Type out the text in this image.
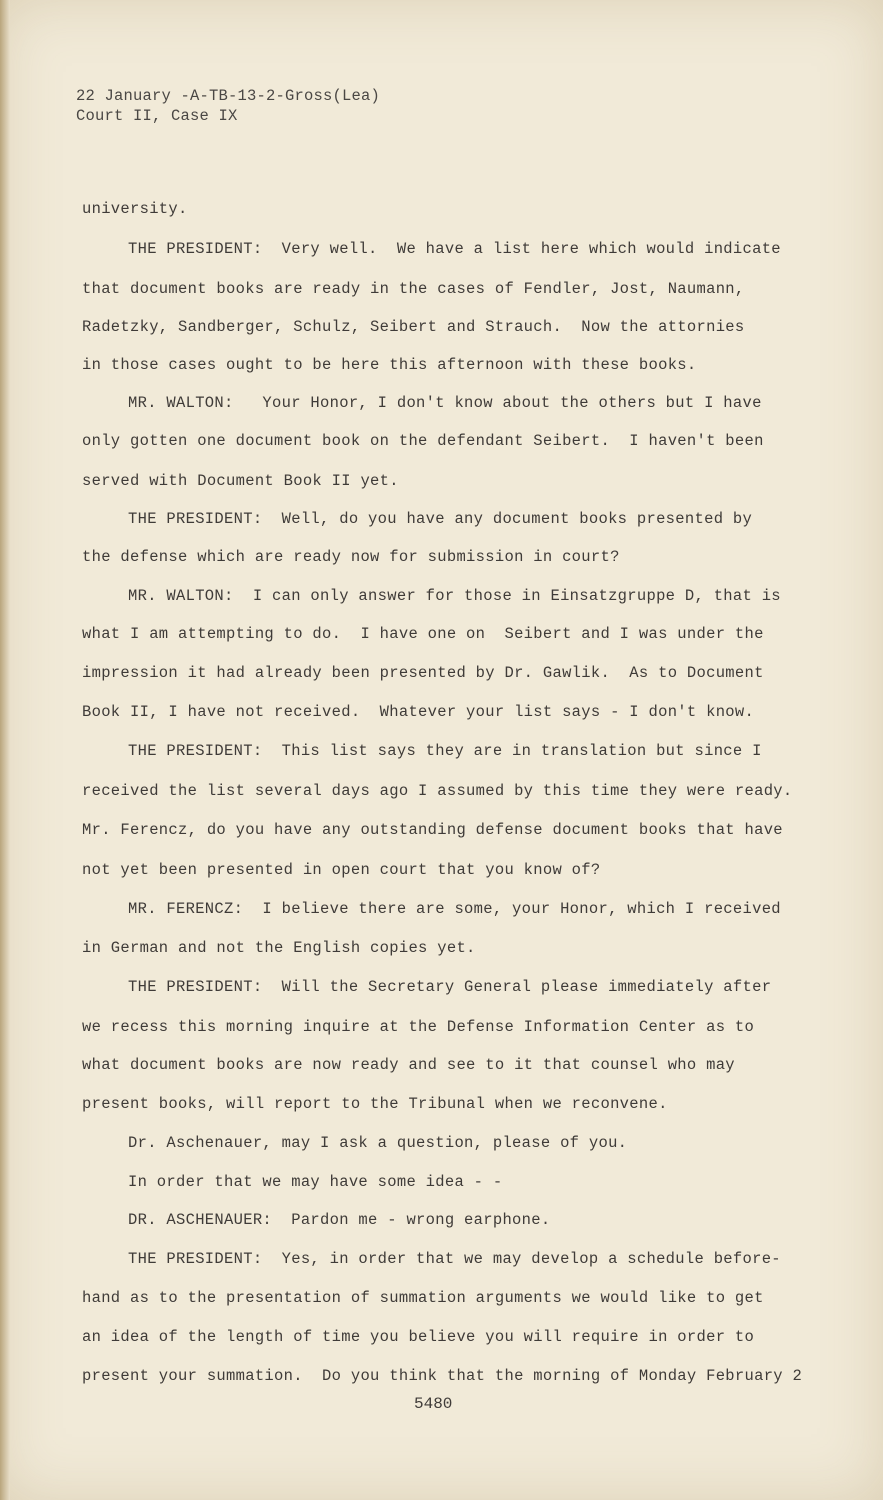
22 January -A-TB-13-2-Gross(Lea)
Court II, Case IX
university.
THE PRESIDENT:  Very well.  We have a list here which would indicate
that document books are ready in the cases of Fendler, Jost, Naumann,
Radetzky, Sandberger, Schulz, Seibert and Strauch.  Now the attornies
in those cases ought to be here this afternoon with these books.
MR. WALTON:   Your Honor, I don't know about the others but I have
only gotten one document book on the defendant Seibert.  I haven't been
served with Document Book II yet.
THE PRESIDENT:  Well, do you have any document books presented by
the defense which are ready now for submission in court?
MR. WALTON:  I can only answer for those in Einsatzgruppe D, that is
what I am attempting to do.  I have one on  Seibert and I was under the
impression it had already been presented by Dr. Gawlik.  As to Document
Book II, I have not received.  Whatever your list says - I don't know.
THE PRESIDENT:  This list says they are in translation but since I
received the list several days ago I assumed by this time they were ready.
Mr. Ferencz, do you have any outstanding defense document books that have
not yet been presented in open court that you know of?
MR. FERENCZ:  I believe there are some, your Honor, which I received
in German and not the English copies yet.
THE PRESIDENT:  Will the Secretary General please immediately after
we recess this morning inquire at the Defense Information Center as to
what document books are now ready and see to it that counsel who may
present books, will report to the Tribunal when we reconvene.
Dr. Aschenauer, may I ask a question, please of you.
In order that we may have some idea - -
DR. ASCHENAUER:  Pardon me - wrong earphone.
THE PRESIDENT:  Yes, in order that we may develop a schedule before-
hand as to the presentation of summation arguments we would like to get
an idea of the length of time you believe you will require in order to
present your summation.  Do you think that the morning of Monday February 2
5480
